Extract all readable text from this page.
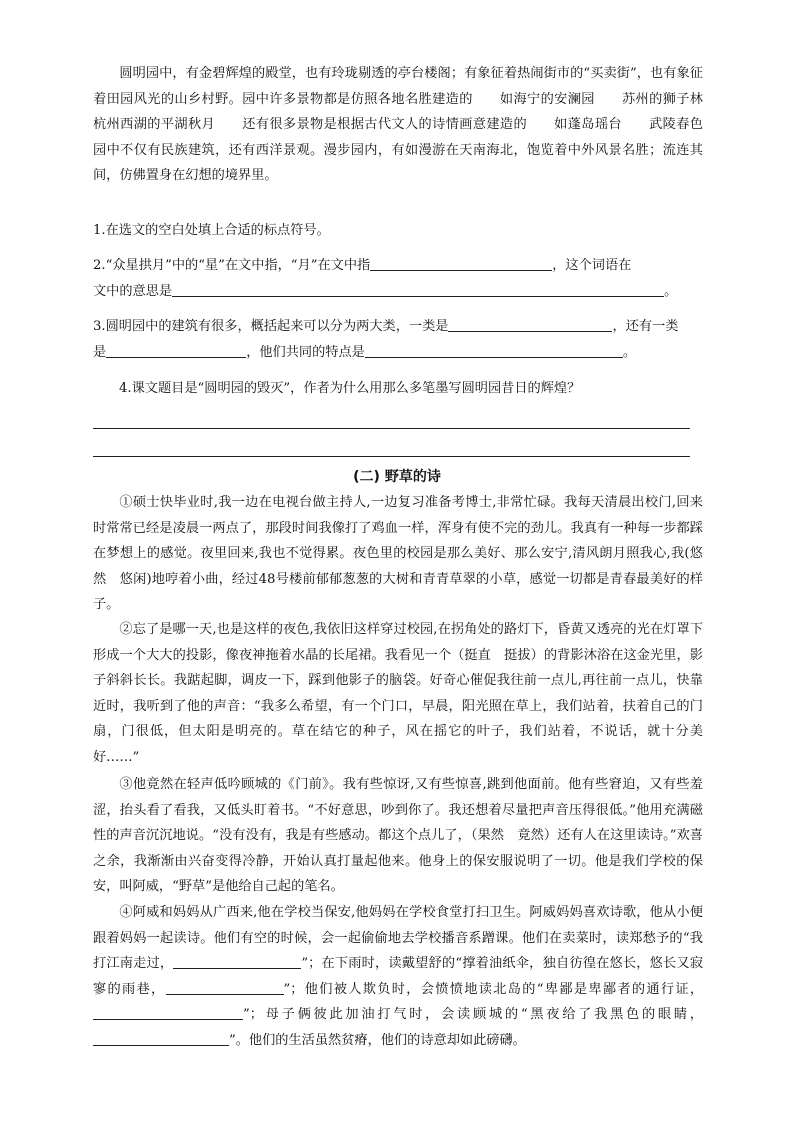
圆明园中，有金碧辉煌的殿堂，也有玲珑剔透的亭台楼阁；有象征着热闹街市的“买卖街”，也有象征着田园风光的山乡村野。园中许多景物都是仿照各地名胜建造的　　如海宁的安澜园　　苏州的狮子林　　杭州西湖的平湖秋月　　还有很多景物是根据古代文人的诗情画意建造的　　如蓬岛瑶台　　武陵春色　　园中不仅有民族建筑，还有西洋景观。漫步园内，有如漫游在天南海北，饱览着中外风景名胜；流连其间，仿佛置身在幻想的境界里。

1.在选文的空白处填上合适的标点符号。

2.“众星拱月”中的“星”在文中指，“月”在文中指	，这个词语在
文中的意思是	。

3.圆明园中的建筑有很多，概括起来可以分为两大类，一类是	，还有一类
是	，他们共同的特点是	。

4.课文题目是“圆明园的毁灭”，作者为什么用那么多笔墨写圆明园昔日的辉煌？

(二) 野草的诗

①硕士快毕业时,我一边在电视台做主持人,一边复习准备考博士,非常忙碌。我每天清晨出校门,回来时常常已经是凌晨一两点了，那段时间我像打了鸡血一样，浑身有使不完的劲儿。我真有一种每一步都踩在梦想上的感觉。夜里回来,我也不觉得累。夜色里的校园是那么美好、那么安宁,清风朗月照我心,我(悠然　悠闲)地哼着小曲，经过48号楼前郁郁葱葱的大树和青青草翠的小草，感觉一切都是青春最美好的样子。

②忘了是哪一天,也是这样的夜色,我依旧这样穿过校园,在拐角处的路灯下，昏黄又透亮的光在灯罩下形成一个大大的投影，像夜神拖着水晶的长尾裙。我看见一个（挺直　挺拔）的背影沐浴在这金光里，影子斜斜长长。我踮起脚，调皮一下，踩到他影子的脑袋。好奇心催促我往前一点儿,再往前一点儿，快靠近时，我听到了他的声音：“我多么希望，有一个门口，早晨，阳光照在草上，我们站着，扶着自己的门扇，门很低，但太阳是明亮的。草在结它的种子，风在摇它的叶子，我们站着，不说话，就十分美好……”

③他竟然在轻声低吟顾城的《门前》。我有些惊讶,又有些惊喜,跳到他面前。他有些窘迫，又有些羞涩，抬头看了看我，又低头盯着书。“不好意思，吵到你了。我还想着尽量把声音压得很低。”他用充满磁性的声音沉沉地说。“没有没有，我是有些感动。都这个点儿了，（果然　竟然）还有人在这里读诗。”欢喜之余，我渐渐由兴奋变得冷静，开始认真打量起他来。他身上的保安服说明了一切。他是我们学校的保安，叫阿威，“野草”是他给自己起的笔名。

④阿威和妈妈从广西来,他在学校当保安,他妈妈在学校食堂打扫卫生。阿威妈妈喜欢诗歌，他从小便跟着妈妈一起读诗。他们有空的时候，会一起偷偷地去学校播音系蹭课。他们在卖菜时，读郑愁予的“我打江南走过，	”；在下雨时，读戴望舒的“撑着油纸伞，独自彷徨在悠长，悠长又寂寥的雨巷，	”；他们被人欺负时，会愤愤地读北岛的“卑鄙是卑鄙者的通行证，”；母子俩彼此加油打气时，会读顾城的“黑夜给了我黑色的眼睛，”。他们的生活虽然贫瘠，他们的诗意却如此磅礴。
